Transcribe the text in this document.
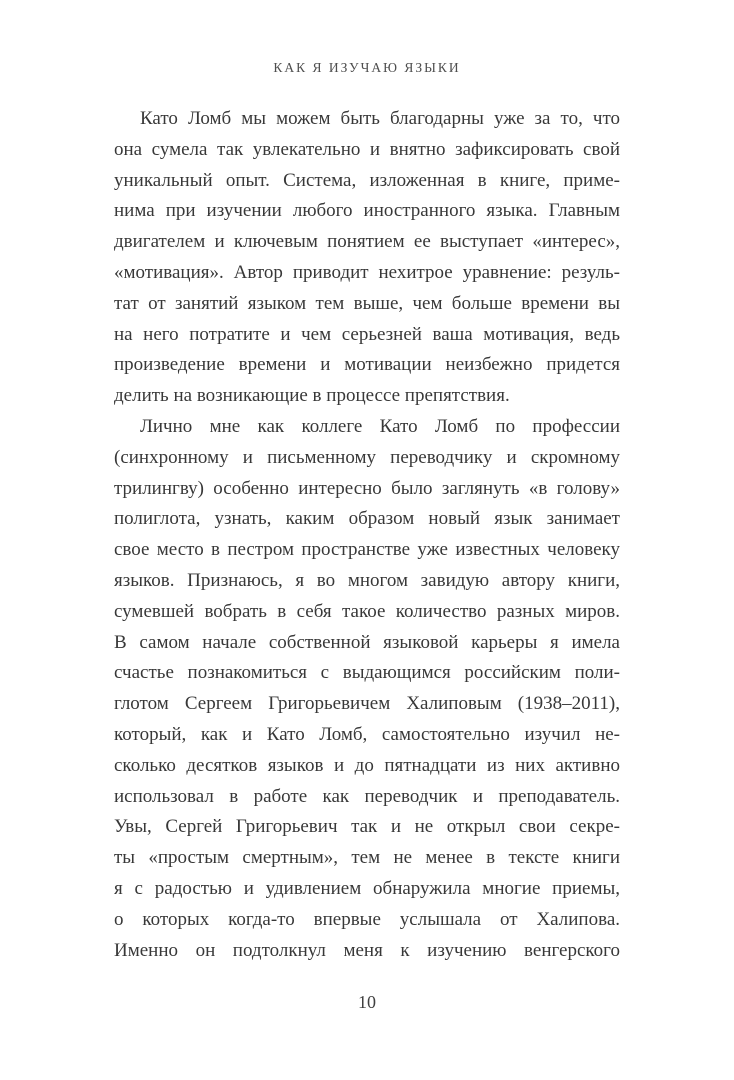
КАК Я ИЗУЧАЮ ЯЗЫКИ
Като Ломб мы можем быть благодарны уже за то, что
она сумела так увлекательно и внятно зафиксировать свой
уникальный опыт. Система, изложенная в книге, приме-
нима при изучении любого иностранного языка. Главным
двигателем и ключевым понятием ее выступает «интерес»,
«мотивация». Автор приводит нехитрое уравнение: резуль-
тат от занятий языком тем выше, чем больше времени вы
на него потратите и чем серьезней ваша мотивация, ведь
произведение времени и мотивации неизбежно придется
делить на возникающие в процессе препятствия.
Лично мне как коллеге Като Ломб по профессии
(синхронному и письменному переводчику и скромному
трилингву) особенно интересно было заглянуть «в голову»
полиглота, узнать, каким образом новый язык занимает
свое место в пестром пространстве уже известных человеку
языков. Признаюсь, я во многом завидую автору книги,
сумевшей вобрать в себя такое количество разных миров.
В самом начале собственной языковой карьеры я имела
счастье познакомиться с выдающимся российским поли-
глотом Сергеем Григорьевичем Халиповым (1938–2011),
который, как и Като Ломб, самостоятельно изучил не-
сколько десятков языков и до пятнадцати из них активно
использовал в работе как переводчик и преподаватель.
Увы, Сергей Григорьевич так и не открыл свои секре-
ты «простым смертным», тем не менее в тексте книги
я с радостью и удивлением обнаружила многие приемы,
о которых когда-то впервые услышала от Халипова.
Именно он подтолкнул меня к изучению венгерского
10
